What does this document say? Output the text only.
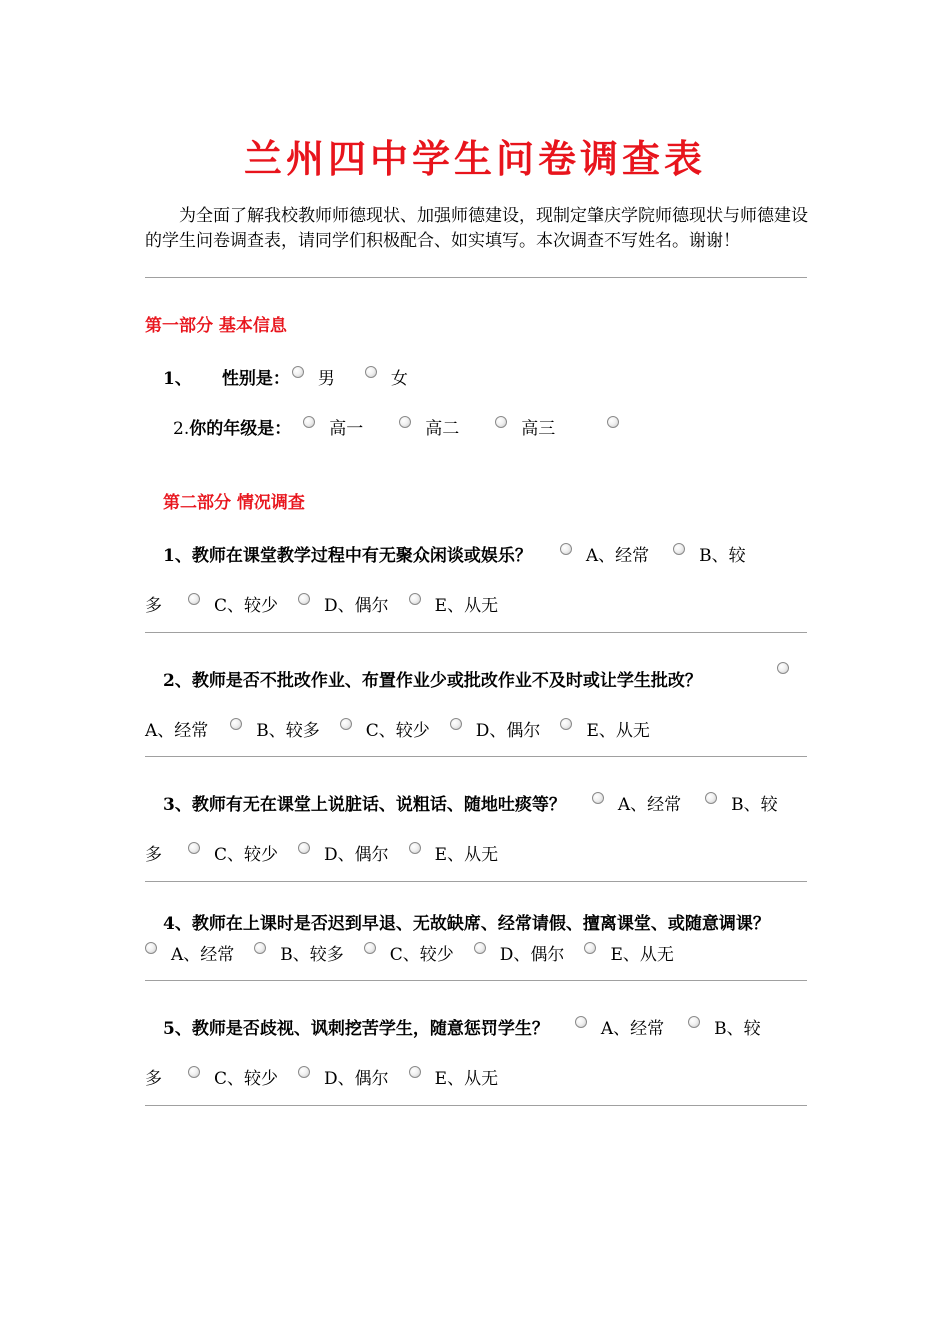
兰州四中学生问卷调查表

为全面了解我校教师师德现状、加强师德建设，现制定肇庆学院师德现状与师德建设的学生问卷调查表，请同学们积极配合、如实填写。本次调查不写姓名。谢谢！

第一部分 基本信息
1、 性别是： 男	女
2.你的年级是： 高一	高二	高三
第二部分 情况调查
1、教师在课堂教学过程中有无聚众闲谈或娱乐？	A、经常	B、较
多	C、较少	D、偶尔	E、从无
2、教师是否不批改作业、布置作业少或批改作业不及时或让学生批改？
A、经常	B、较多	C、较少	D、偶尔	E、从无
3、教师有无在课堂上说脏话、说粗话、随地吐痰等？	A、经常	B、较
多	C、较少	D、偶尔	E、从无
4、教师在上课时是否迟到早退、无故缺席、经常请假、擅离课堂、或随意调课？
A、经常	B、较多	C、较少	D、偶尔	E、从无
5、教师是否歧视、讽刺挖苦学生，随意惩罚学生？	A、经常	B、较
多	C、较少	D、偶尔	E、从无
